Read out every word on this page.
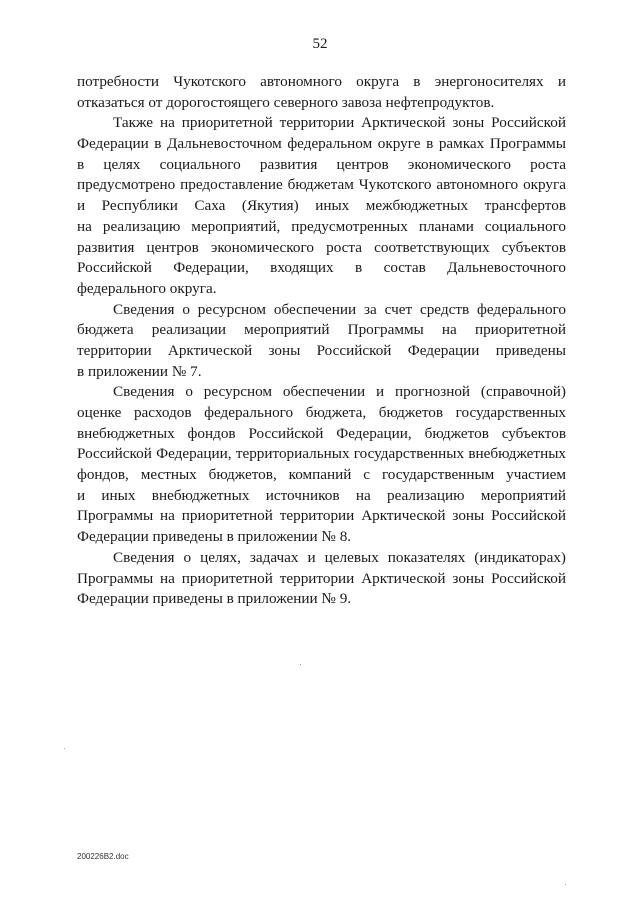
52
потребности Чукотского автономного округа в энергоносителях и
отказаться от дорогостоящего северного завоза нефтепродуктов.
Также на приоритетной территории Арктической зоны Российской
Федерации в Дальневосточном федеральном округе в рамках Программы
в целях социального развития центров экономического роста
предусмотрено предоставление бюджетам Чукотского автономного округа
и Республики Саха (Якутия) иных межбюджетных трансфертов
на реализацию мероприятий, предусмотренных планами социального
развития центров экономического роста соответствующих субъектов
Российской Федерации, входящих в состав Дальневосточного
федерального округа.
Сведения о ресурсном обеспечении за счет средств федерального
бюджета реализации мероприятий Программы на приоритетной
территории Арктической зоны Российской Федерации приведены
в приложении № 7.
Сведения о ресурсном обеспечении и прогнозной (справочной)
оценке расходов федерального бюджета, бюджетов государственных
внебюджетных фондов Российской Федерации, бюджетов субъектов
Российской Федерации, территориальных государственных внебюджетных
фондов, местных бюджетов, компаний с государственным участием
и иных внебюджетных источников на реализацию мероприятий
Программы на приоритетной территории Арктической зоны Российской
Федерации приведены в приложении № 8.
Сведения о целях, задачах и целевых показателях (индикаторах)
Программы на приоритетной территории Арктической зоны Российской
Федерации приведены в приложении № 9.
200226B2.doc
